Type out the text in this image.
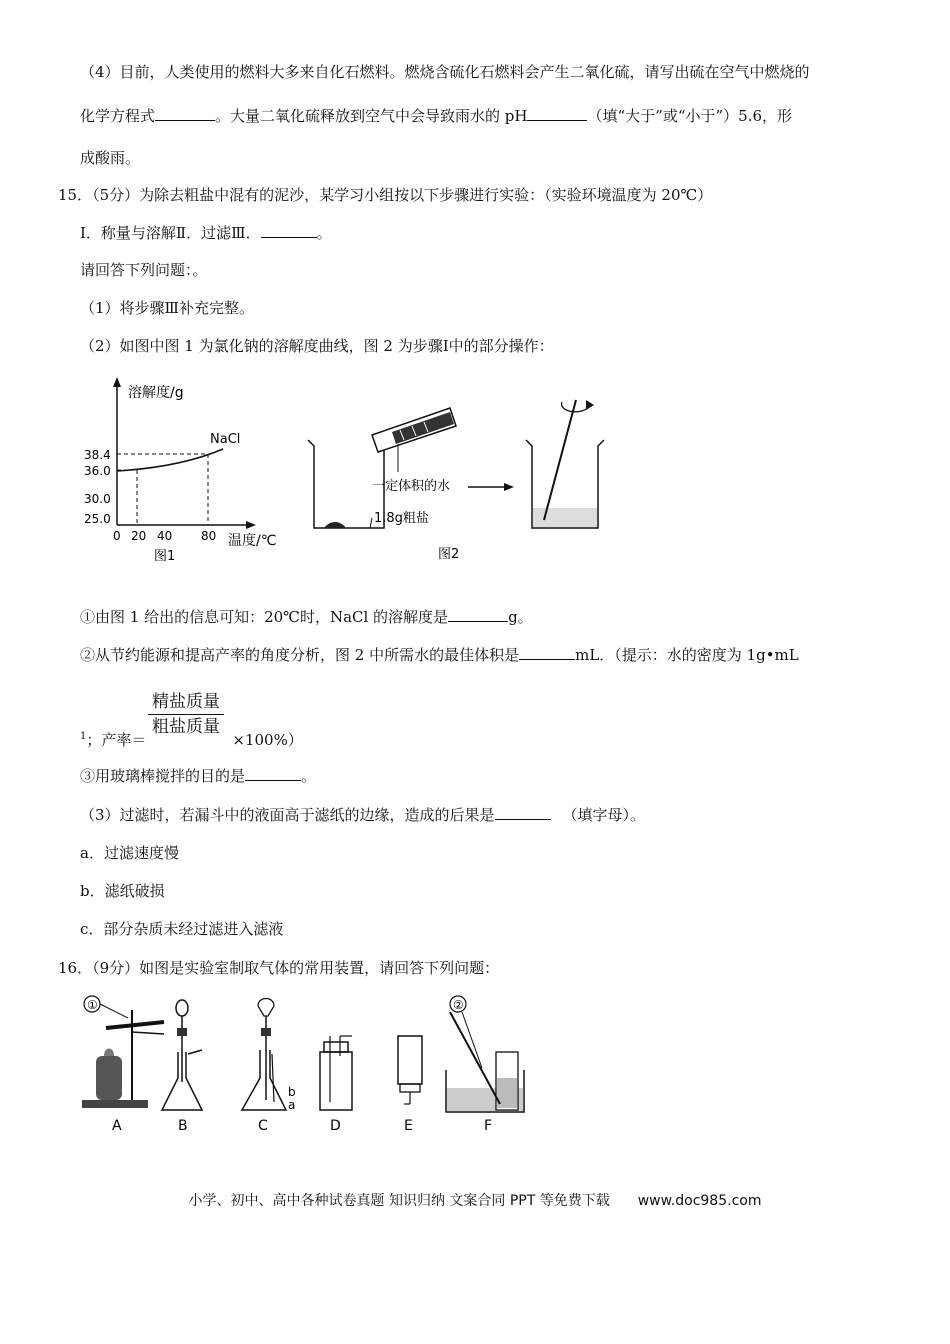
（4）目前，人类使用的燃料大多来自化石燃料。燃烧含硫化石燃料会产生二氧化硫，请写出硫在空气中燃烧的
化学方程式	。大量二氧化硫释放到空气中会导致雨水的 pH	（填“大于”或“小于”）5.6，形
成酸雨。
15．（5分）为除去粗盐中混有的泥沙，某学习小组按以下步骤进行实验：（实验环境温度为 20℃）
Ⅰ．称量与溶解Ⅱ．过滤Ⅲ．	。
请回答下列问题：。
（1）将步骤Ⅲ补充完整。
（2）如图中图 1 为氯化钠的溶解度曲线，图 2 为步骤Ⅰ中的部分操作：
溶解度/g
温度/℃
NaCl
38.4
36.0
30.0
25.0
0 20 40 80
图1
一定体积的水
1.8g粗盐
图2
①由图 1 给出的信息可知：20℃时，NaCl 的溶解度是	g。
②从节约能源和提高产率的角度分析，图 2 中所需水的最佳体积是	mL．（提示：水的密度为 1g•mL
精盐质量
粗盐质量
$^1$；产率＝	×100%）
③用玻璃棒搅拌的目的是	。
（3）过滤时，若漏斗中的液面高于滤纸的边缘，造成的后果是	（填字母）。
a．过滤速度慢
b．滤纸破损
c．部分杂质未经过滤进入滤液
16．（9分）如图是实验室制取气体的常用装置，请回答下列问题：
①
A	B
b
a
C	D	E
②
F
小学、初中、高中各种试卷真题 知识归纳 文案合同 PPT 等免费下载　　www.doc985.com
